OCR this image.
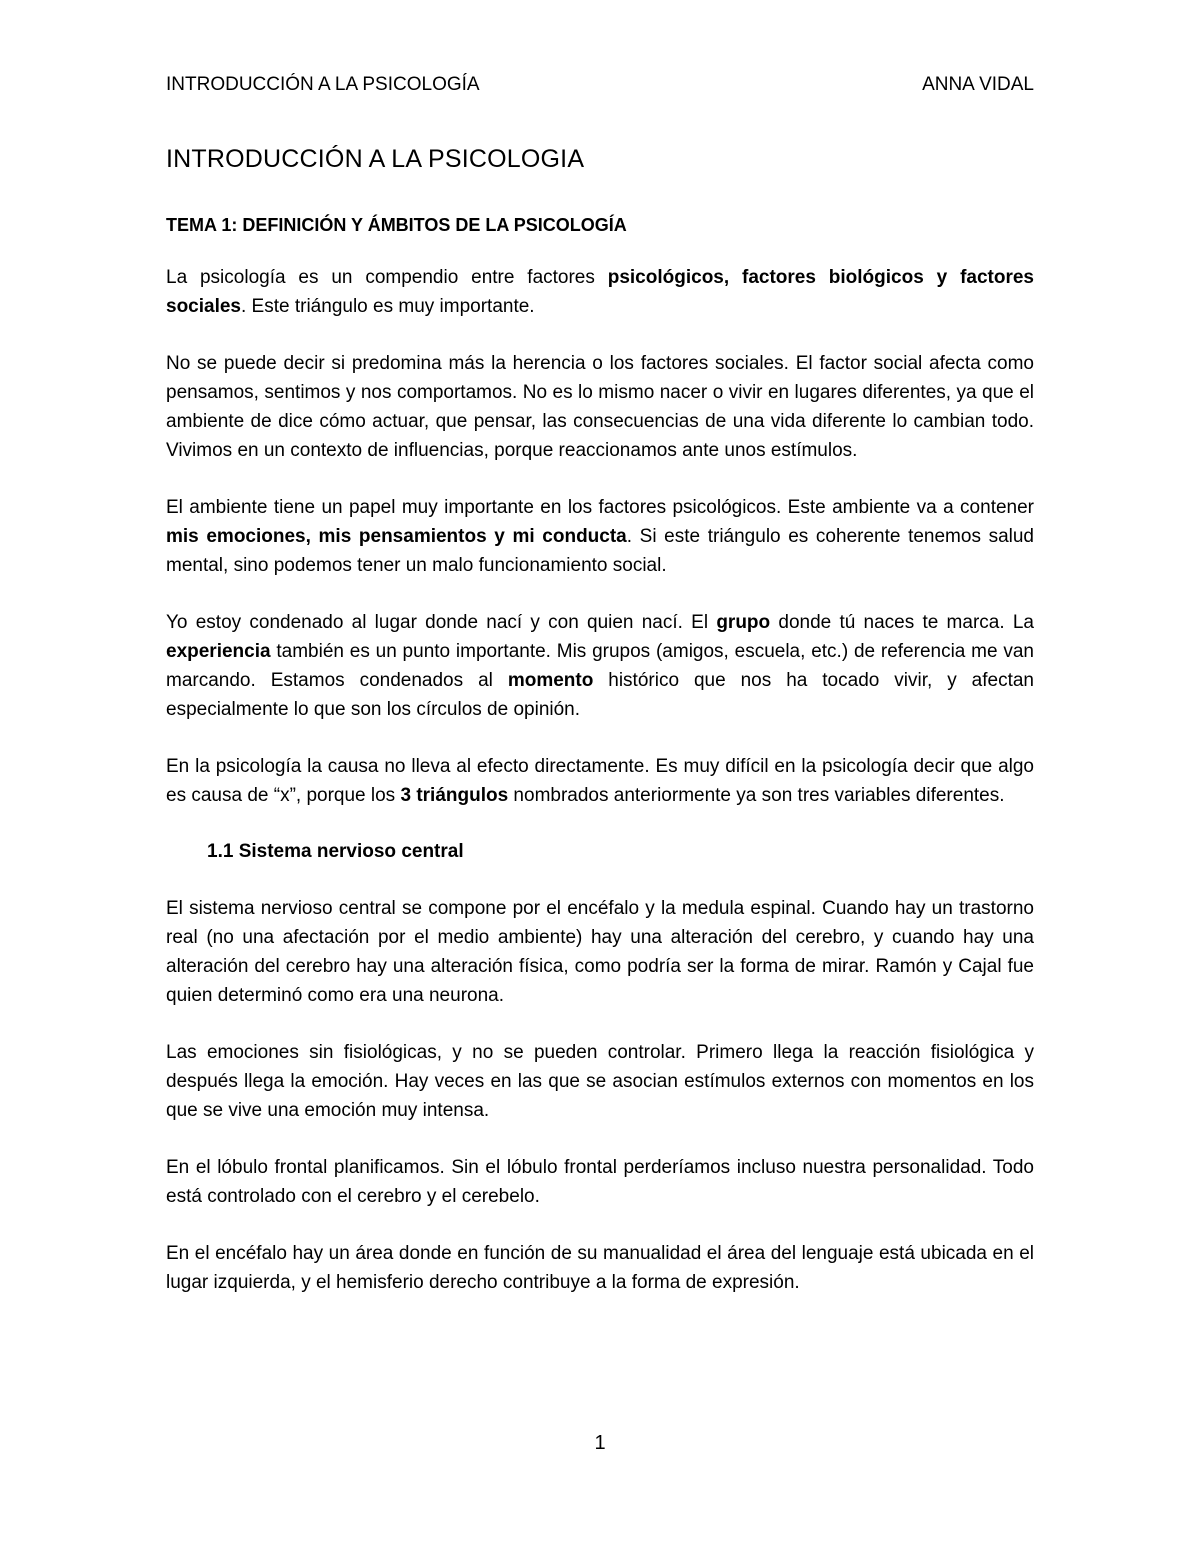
INTRODUCCIÓN A LA PSICOLOGÍA	ANNA VIDAL
INTRODUCCIÓN A LA PSICOLOGIA
TEMA 1: DEFINICIÓN Y ÁMBITOS DE LA PSICOLOGÍA

La psicología es un compendio entre factores psicológicos, factores biológicos y factores sociales. Este triángulo es muy importante.

No se puede decir si predomina más la herencia o los factores sociales. El factor social afecta como pensamos, sentimos y nos comportamos. No es lo mismo nacer o vivir en lugares diferentes, ya que el ambiente de dice cómo actuar, que pensar, las consecuencias de una vida diferente lo cambian todo. Vivimos en un contexto de influencias, porque reaccionamos ante unos estímulos.

El ambiente tiene un papel muy importante en los factores psicológicos. Este ambiente va a contener mis emociones, mis pensamientos y mi conducta. Si este triángulo es coherente tenemos salud mental, sino podemos tener un malo funcionamiento social.

Yo estoy condenado al lugar donde nací y con quien nací. El grupo donde tú naces te marca. La experiencia también es un punto importante. Mis grupos (amigos, escuela, etc.) de referencia me van marcando. Estamos condenados al momento histórico que nos ha tocado vivir, y afectan especialmente lo que son los círculos de opinión.

En la psicología la causa no lleva al efecto directamente. Es muy difícil en la psicología decir que algo es causa de “x”, porque los 3 triángulos nombrados anteriormente ya son tres variables diferentes.

1.1 Sistema nervioso central

El sistema nervioso central se compone por el encéfalo y la medula espinal. Cuando hay un trastorno real (no una afectación por el medio ambiente) hay una alteración del cerebro, y cuando hay una alteración del cerebro hay una alteración física, como podría ser la forma de mirar. Ramón y Cajal fue quien determinó como era una neurona.

Las emociones sin fisiológicas, y no se pueden controlar. Primero llega la reacción fisiológica y después llega la emoción. Hay veces en las que se asocian estímulos externos con momentos en los que se vive una emoción muy intensa.

En el lóbulo frontal planificamos. Sin el lóbulo frontal perderíamos incluso nuestra personalidad. Todo está controlado con el cerebro y el cerebelo.

En el encéfalo hay un área donde en función de su manualidad el área del lenguaje está ubicada en el lugar izquierda, y el hemisferio derecho contribuye a la forma de expresión.

1
